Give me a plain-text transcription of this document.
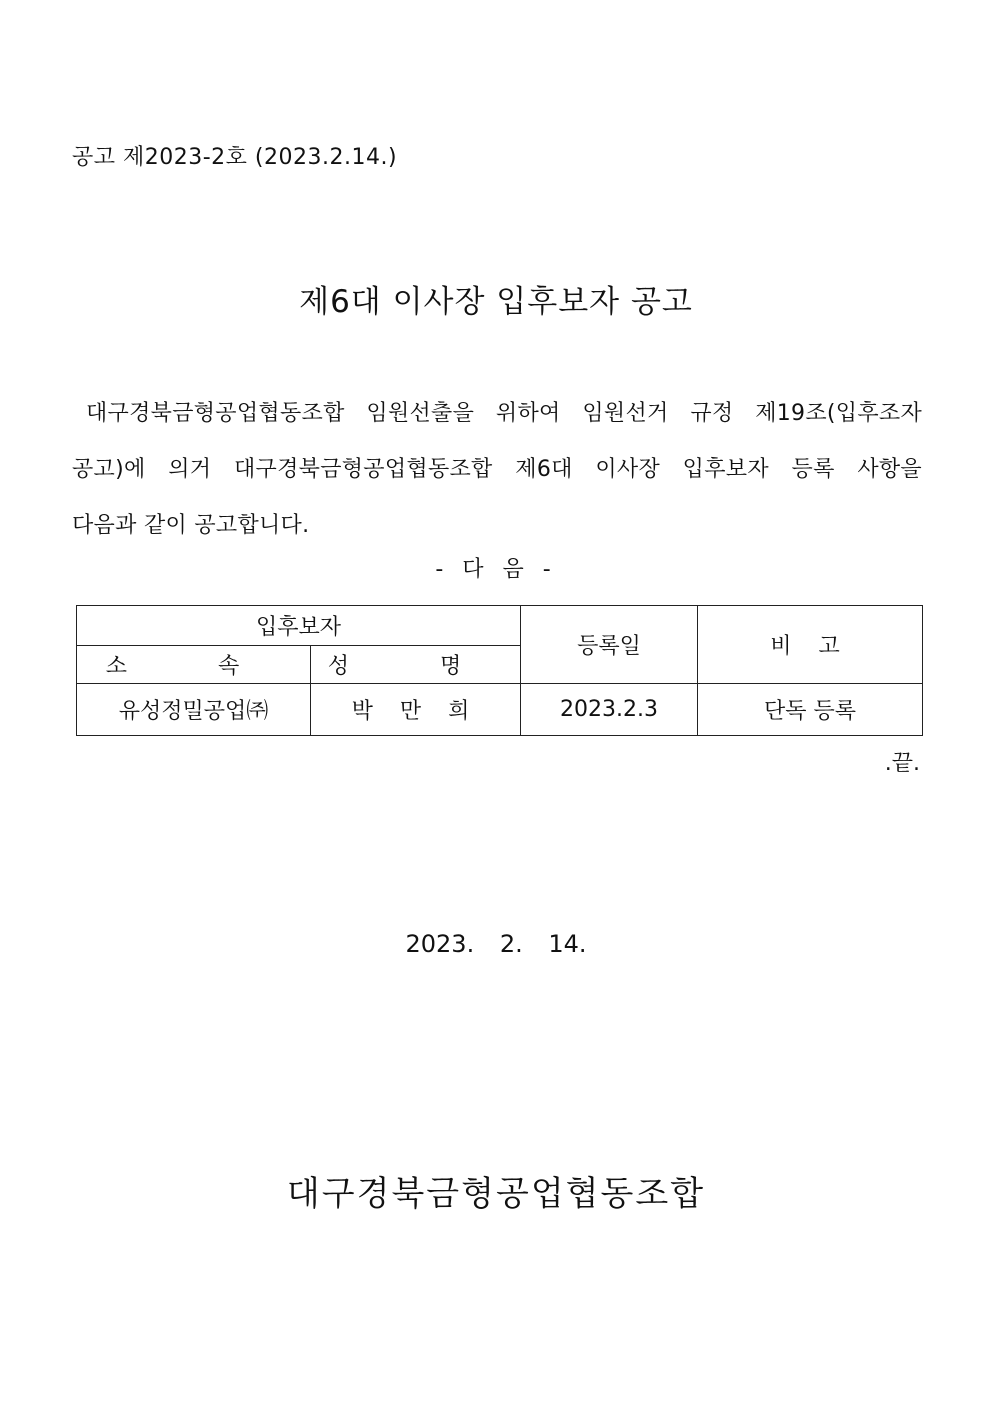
공고 제2023-2호 (2023.2.14.)
제6대 이사장 입후보자 공고
대구경북금형공업협동조합 임원선출을 위하여 임원선거 규정 제19조(입후조자
공고)에 의거 대구경북금형공업협동조합 제6대 이사장 입후보자 등록 사항을
다음과 같이 공고합니다.
- 다 음 -
입후보자		등록일	비 고
소 속	성 명		
유성정밀공업㈜	박 만 희	2023.2.3	단독 등록
.끝.
2023. 2. 14.
대구경북금형공업협동조합
